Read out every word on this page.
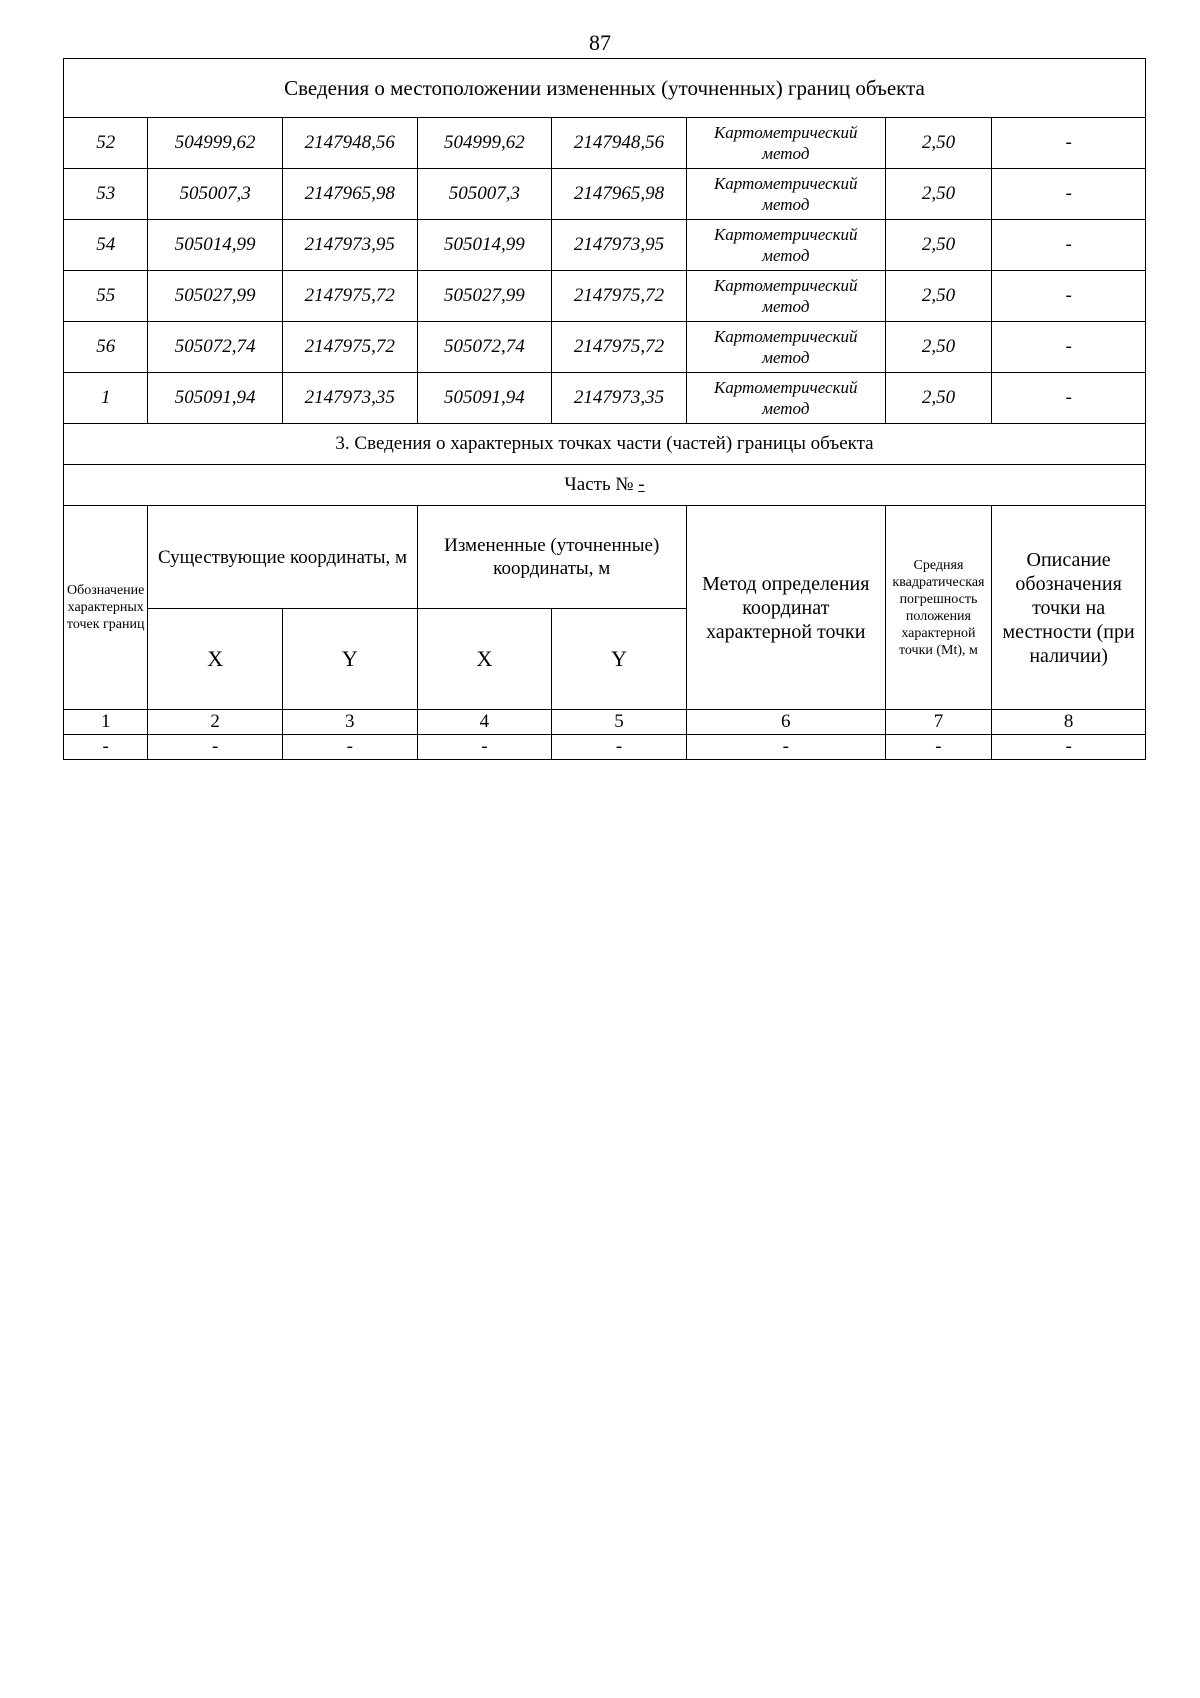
87
Сведения о местоположении измененных (уточненных) границ объекта							
52	504999,62	2147948,56	504999,62	2147948,56	Картометрический метод	2,50	-
53	505007,3	2147965,98	505007,3	2147965,98	Картометрический метод	2,50	-
54	505014,99	2147973,95	505014,99	2147973,95	Картометрический метод	2,50	-
55	505027,99	2147975,72	505027,99	2147975,72	Картометрический метод	2,50	-
56	505072,74	2147975,72	505072,74	2147975,72	Картометрический метод	2,50	-
1	505091,94	2147973,35	505091,94	2147973,35	Картометрический метод	2,50	-
3. Сведения о характерных точках части (частей) границы объекта							
Часть № -							
Обозначение характерных точек границ	Существующие координаты, м		Измененные (уточненные) координаты, м		Метод определения координат характерной точки	Средняя квадратическая погрешность положения характерной точки (Mt), м	Описание обозначения точки на местности (при наличии)
	X	Y	X	Y			
1	2	3	4	5	6	7	8
-	-	-	-	-	-	-	-
